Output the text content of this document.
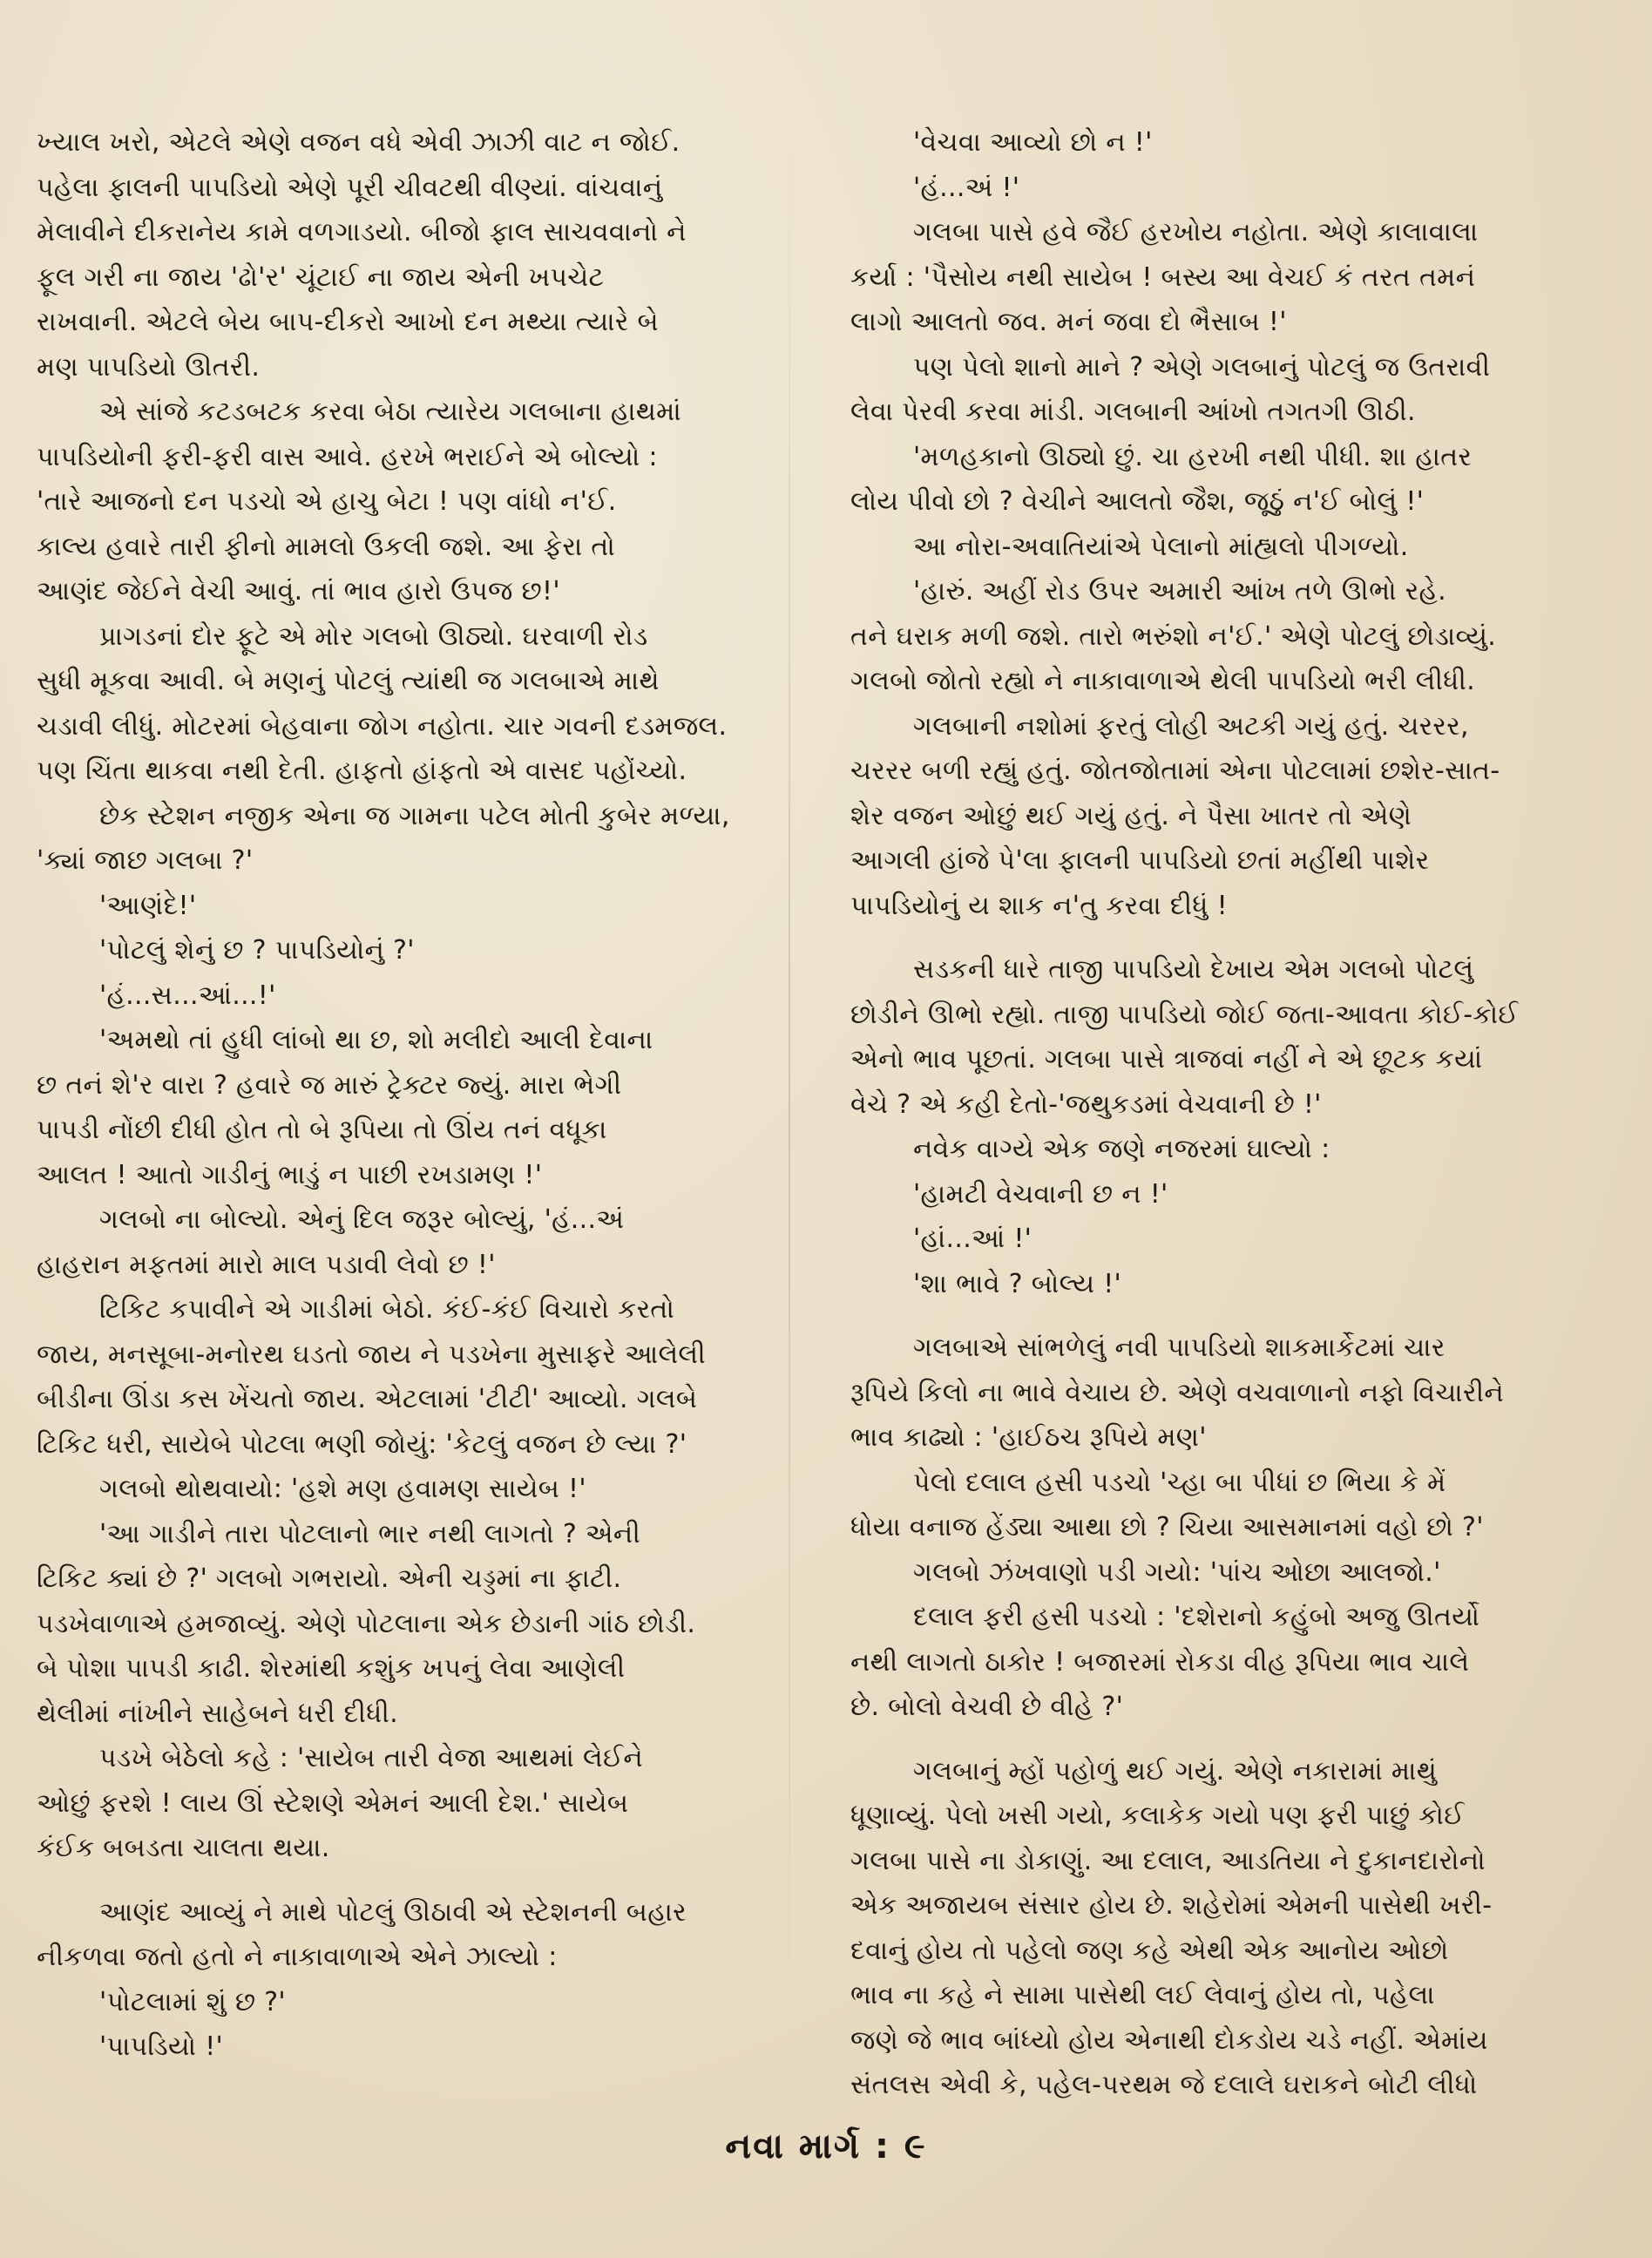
ખ્યાલ ખરો, એટલે એણે વજન વધે એવી ઝાઝી વાટ ન જોઈ.

પહેલા ફાલની પાપડિયો એણે પૂરી ચીવટથી વીણ્યાં. વાંચવાનું

મેલાવીને દીકરાનેય કામે વળગાડયો. બીજો ફાલ સાચવવાનો ને

ફૂલ ગરી ના જાય 'ઢો'ર' ચૂંટાઈ ના જાય એની ખપચેટ

રાખવાની. એટલે બેય બાપ-દીકરો આખો દન મથ્યા ત્યારે બે

મણ પાપડિયો ઊતરી.

એ સાંજે કટડબટક કરવા બેઠા ત્યારેય ગલબાના હાથમાં

પાપડિયોની ફરી-ફરી વાસ આવે. હરખે ભરાઈને એ બોલ્યો :

'તારે આજનો દન પડચો એ હાચુ બેટા ! પણ વાંધો ન'ઈ.

કાલ્ય હવારે તારી ફીનો મામલો ઉકલી જશે. આ ફેરા તો

આણંદ જેઈને વેચી આવું. તાં ભાવ હારો ઉપજ છ!'

પ્રાગડનાં દોર ફૂટે એ મોર ગલબો ઊઠ્યો. ઘરવાળી રોડ

સુધી મૂકવા આવી. બે મણનું પોટલું ત્યાંથી જ ગલબાએ માથે

ચડાવી લીધું. મોટરમાં બેહવાના જોગ નહોતા. ચાર ગવની દડમજલ.

પણ ચિંતા થાકવા નથી દેતી. હાફતો હાંફતો એ વાસદ પહોંચ્યો.

છેક સ્ટેશન નજીક એના જ ગામના પટેલ મોતી કુબેર મળ્યા,

'ક્યાં જાછ ગલબા ?'

'આણંદે!'

'પોટલું શેનું છ ? પાપડિયોનું ?'

'હં...સ...આં...!'

'અમથો તાં હુધી લાંબો થા છ, શો મલીદો આલી દેવાના

છ તનં શે'ર વારા ? હવારે જ મારું ટ્રેક્ટર જ્યું. મારા ભેગી

પાપડી નોંછી દીધી હોત તો બે રૂપિયા તો ઊંય તનં વધૂકા

આલત ! આતો ગાડીનું ભાડું ન પાછી રખડામણ !'

ગલબો ના બોલ્યો. એનું દિલ જરૂર બોલ્યું, 'હં...અં

હાહરાન મફતમાં મારો માલ પડાવી લેવો છ !'

ટિકિટ કપાવીને એ ગાડીમાં બેઠો. કંઈ-કંઈ વિચારો કરતો

જાય, મનસૂબા-મનોરથ ઘડતો જાય ને પડખેના મુસાફરે આલેલી

બીડીના ઊંડા કસ ખેંચતો જાય. એટલામાં 'ટીટી' આવ્યો. ગલબે

ટિકિટ ધરી, સાયેબે પોટલા ભણી જોયું: 'કેટલું વજન છે લ્યા ?'

ગલબો થોથવાયો: 'હશે મણ હવામણ સાયેબ !'

'આ ગાડીને તારા પોટલાનો ભાર નથી લાગતો ? એની

ટિકિટ ક્યાં છે ?' ગલબો ગભરાયો. એની ચડ્ડમાં ના ફાટી.

પડખેવાળાએ હમજાવ્યું. એણે પોટલાના એક છેડાની ગાંઠ છોડી.

બે પોશા પાપડી કાઢી. શેરમાંથી કશુંક ખપનું લેવા આણેલી

થેલીમાં નાંખીને સાહેબને ધરી દીધી.

પડખે બેઠેલો કહે : 'સાયેબ તારી વેજા આથમાં લેઈને

ઓછું ફરશે ! લાય ઊં સ્ટેશણે એમનં આલી દેશ.' સાયેબ

કંઈક બબડતા ચાલતા થયા.

આણંદ આવ્યું ને માથે પોટલું ઊઠાવી એ સ્ટેશનની બહાર

નીકળવા જતો હતો ને નાકાવાળાએ એને ઝાલ્યો :

'પોટલામાં શું છ ?'

'પાપડિયો !'

'વેચવા આવ્યો છો ન !'

'હં...અં !'

ગલબા પાસે હવે જૈઈ હરખોય નહોતા. એણે કાલાવાલા

કર્યા : 'પૈસોય નથી સાયેબ ! બસ્ય આ વેચઈ કં તરત તમનં

લાગો આલતો જવ. મનં જવા દો ભૈસાબ !'

પણ પેલો શાનો માને ? એણે ગલબાનું પોટલું જ ઉતરાવી

લેવા પેરવી કરવા માંડી. ગલબાની આંખો તગતગી ઊઠી.

'મળહકાનો ઊઠ્યો છું. ચા હરખી નથી પીધી. શા હાતર

લોય પીવો છો ? વેચીને આલતો જૈશ, જૂઠું ન'ઈ બોલું !'

આ નોરા-અવાતિયાંએ પેલાનો માંહ્યલો પીગળ્યો.

'હારું. અહીં રોડ ઉપર અમારી આંખ તળે ઊભો રહે.

તને ઘરાક મળી જશે. તારો ભરુંશો ન'ઈ.' એણે પોટલું છોડાવ્યું.

ગલબો જોતો રહ્યો ને નાકાવાળાએ થેલી પાપડિયો ભરી લીધી.

ગલબાની નશોમાં ફરતું લોહી અટકી ગયું હતું. ચરરર,

ચરરર બળી રહ્યું હતું. જોતજોતામાં એના પોટલામાં છશેર-સાત-

શેર વજન ઓછું થઈ ગયું હતું. ને પૈસા ખાતર તો એણે

આગલી હાંજે પે'લા ફાલની પાપડિયો છતાં મહીંથી પાશેર

પાપડિયોનું ય શાક ન'તુ કરવા દીધું !

સડકની ધારે તાજી પાપડિયો દેખાય એમ ગલબો પોટલું

છોડીને ઊભો રહ્યો. તાજી પાપડિયો જોઈ જતા-આવતા કોઈ-કોઈ

એનો ભાવ પૂછતાં. ગલબા પાસે ત્રાજવાં નહીં ને એ છૂટક કયાં

વેચે ? એ કહી દેતો-'જથુકડમાં વેચવાની છે !'

નવેક વાગ્યે એક જણે નજરમાં ઘાલ્યો :

'હામટી વેચવાની છ ન !'

'હાં...આં !'

'શા ભાવે ? બોલ્ય !'

ગલબાએ સાંભળેલું નવી પાપડિયો શાકમાર્કેટમાં ચાર

રૂપિયે કિલો ના ભાવે વેચાય છે. એણે વચવાળાનો નફો વિચારીને

ભાવ કાઢ્યો : 'હાઈઠચ રૂપિયે મણ'

પેલો દલાલ હસી પડચો 'ચ્હા બા પીધાં છ ભિયા કે મેં

ધોયા વનાજ હેંડ્યા આથા છો ? ચિયા આસમાનમાં વહો છો ?'

ગલબો ઝંખવાણો પડી ગયો: 'પાંચ ઓછા આલજો.'

દલાલ ફરી હસી પડચો : 'દશેરાનો કહુંબો અજુ ઊતર્યો

નથી લાગતો ઠાકોર ! બજારમાં રોકડા વીહ રૂપિયા ભાવ ચાલે

છે. બોલો વેચવી છે વીહે ?'

ગલબાનું મ્હોં પહોળું થઈ ગયું. એણે નકારામાં માથું

ધૂણાવ્યું. પેલો ખસી ગયો, કલાકેક ગયો પણ ફરી પાછું કોઈ

ગલબા પાસે ના ડોકાણું. આ દલાલ, આડતિયા ને દુકાનદારોનો

એક અજાયબ સંસાર હોય છે. શહેરોમાં એમની પાસેથી ખરી-

દવાનું હોય તો પહેલો જણ કહે એથી એક આનોય ઓછો

ભાવ ના કહે ને સામા પાસેથી લઈ લેવાનું હોય તો, પહેલા

જણે જે ભાવ બાંધ્યો હોય એનાથી દોકડોય ચડે નહીં. એમાંય

સંતલસ એવી કે, પહેલ-પરથમ જે દલાલે ઘરાકને બોટી લીધો

નવા માર્ગ : ૯
